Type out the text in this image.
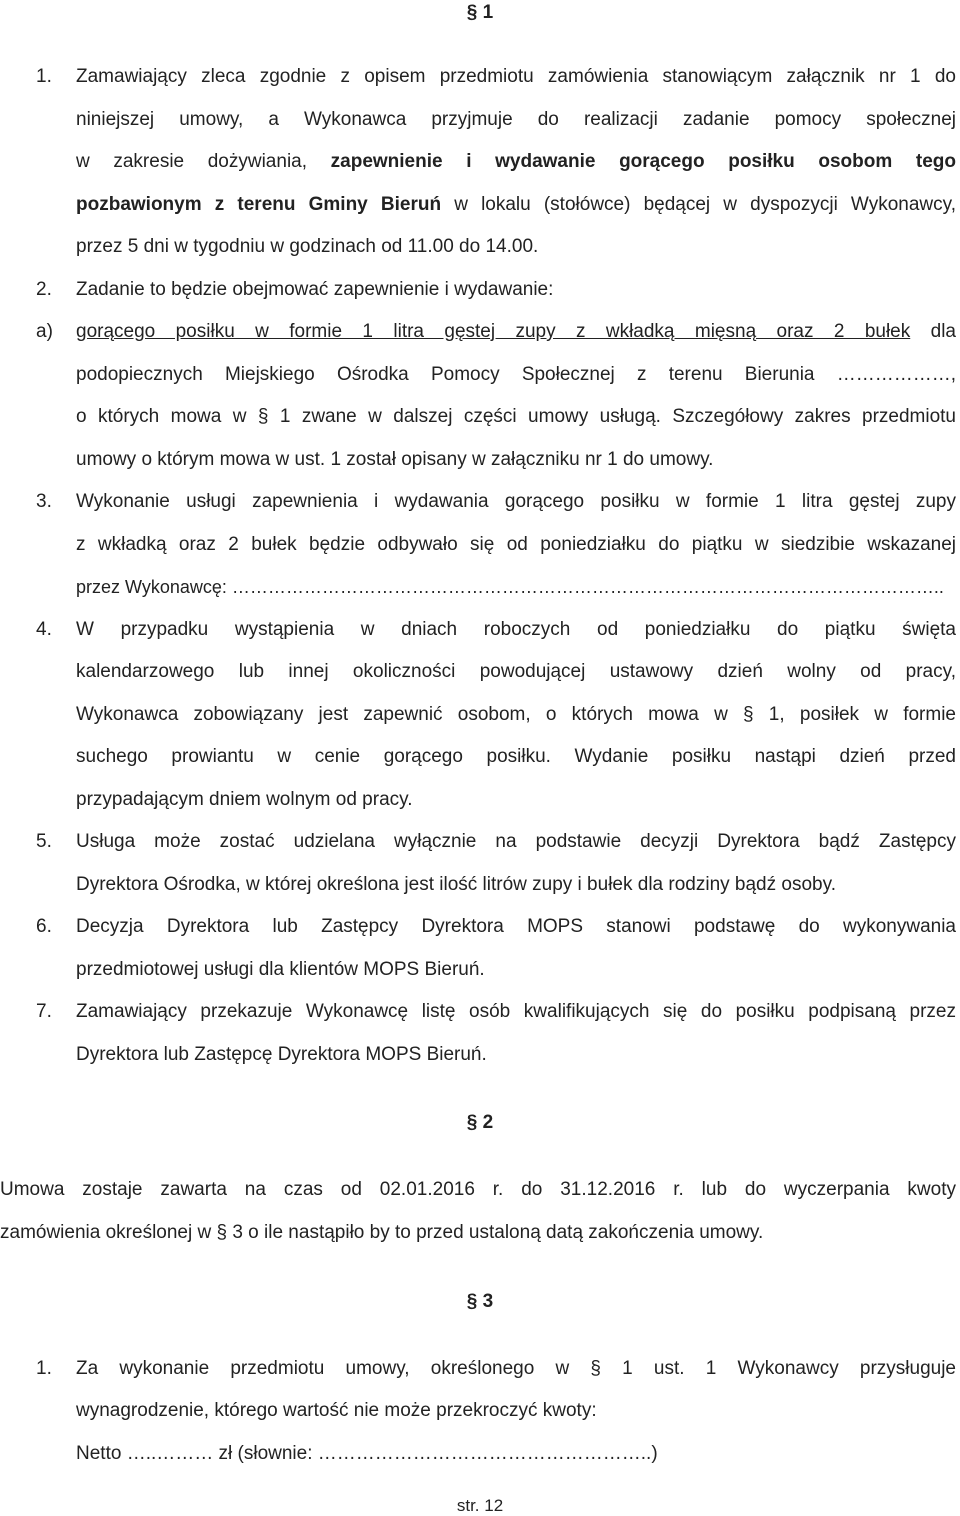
§ 1
1.	Zamawiający zleca zgodnie z opisem przedmiotu zamówienia stanowiącym załącznik nr 1 do
niniejszej umowy, a Wykonawca przyjmuje do realizacji zadanie pomocy społecznej
w zakresie dożywiania, zapewnienie i wydawanie gorącego posiłku osobom tego
pozbawionym z terenu Gminy Bieruń w lokalu (stołówce) będącej w dyspozycji Wykonawcy,
przez 5 dni w tygodniu w godzinach od 11.00 do 14.00.
2.	Zadanie to będzie obejmować zapewnienie i wydawanie:
a)	gorącego posiłku w formie 1 litra gęstej zupy z wkładką mięsną oraz 2 bułek dla
podopiecznych Miejskiego Ośrodka Pomocy Społecznej z terenu Bierunia ………………,
o których mowa w § 1 zwane w dalszej części umowy usługą. Szczegółowy zakres przedmiotu
umowy o którym mowa w ust. 1 został opisany w załączniku nr 1 do umowy.
3.	Wykonanie usługi zapewnienia i wydawania gorącego posiłku w formie 1 litra gęstej zupy
z wkładką oraz 2 bułek będzie odbywało się od poniedziałku do piątku w siedzibie wskazanej
przez Wykonawcę: ………………………………………………………………………………………………………..
4.	W przypadku wystąpienia w dniach roboczych od poniedziałku do piątku święta
kalendarzowego lub innej okoliczności powodującej ustawowy dzień wolny od pracy,
Wykonawca zobowiązany jest zapewnić osobom, o których mowa w § 1, posiłek w formie
suchego prowiantu w cenie gorącego posiłku. Wydanie posiłku nastąpi dzień przed
przypadającym dniem wolnym od pracy.
5.	Usługa może zostać udzielana wyłącznie na podstawie decyzji Dyrektora bądź Zastępcy
Dyrektora Ośrodka, w której określona jest ilość litrów zupy i bułek dla rodziny bądź osoby.
6.	Decyzja Dyrektora lub Zastępcy Dyrektora MOPS stanowi podstawę do wykonywania
przedmiotowej usługi dla klientów MOPS Bieruń.
7.	Zamawiający przekazuje Wykonawcę listę osób kwalifikujących się do posiłku podpisaną przez
Dyrektora lub Zastępcę Dyrektora MOPS Bieruń.
§ 2
Umowa zostaje zawarta na czas od 02.01.2016 r. do 31.12.2016 r. lub do wyczerpania kwoty
zamówienia określonej w § 3 o ile nastąpiło by to przed ustaloną datą zakończenia umowy.
§ 3
1.	Za wykonanie przedmiotu umowy, określonego w § 1 ust. 1 Wykonawcy przysługuje
wynagrodzenie, którego wartość nie może przekroczyć kwoty:
Netto …..……… zł (słownie: ……………………………………………..)
str. 12
